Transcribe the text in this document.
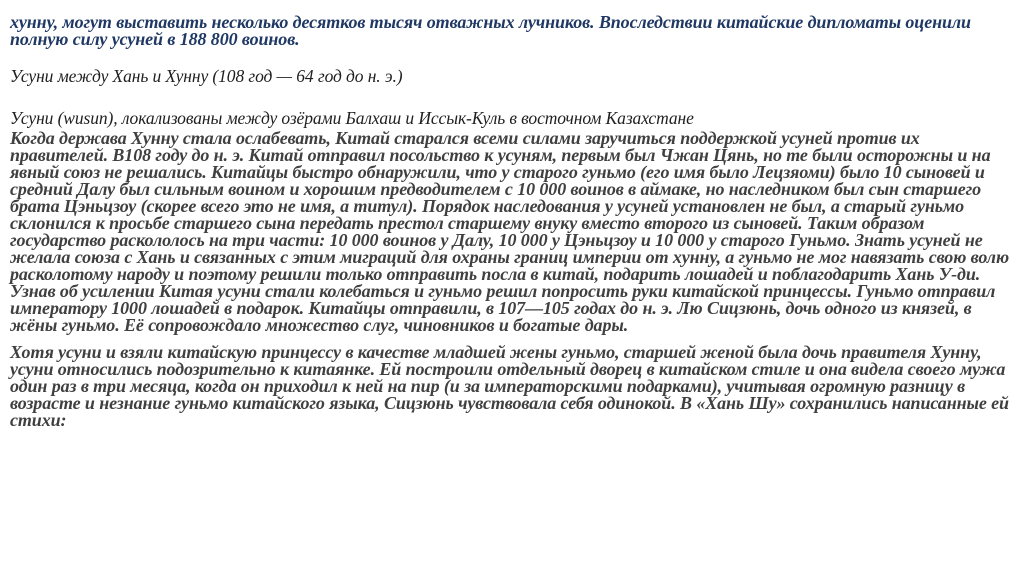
хунну, могут выставить несколько десятков тысяч отважных лучников. Впоследствии китайские дипломаты оценили полную силу усуней в 188 800 воинов.

Усуни между Хань и Хунну (108 год — 64 год до н. э.)

Усуни (wusun), локализованы между озёрами Балхаш и Иссык-Куль в восточном Казахстане

Когда держава Хунну стала ослабевать, Китай старался всеми силами заручиться поддержкой усуней против их правителей. В108 году до н. э. Китай отправил посольство к усуням, первым был Чжан Цянь, но те были осторожны и на явный союз не решались. Китайцы быстро обнаружили, что у старого гуньмо (его имя было Лецзяоми) было 10 сыновей и средний Далу был сильным воином и хорошим предводителем с 10 000 воинов в аймаке, но наследником был сын старшего брата Цэньцзоу (скорее всего это не имя, а титул). Порядок наследования у усуней установлен не был, а старый гуньмо склонился к просьбе старшего сына передать престол старшему внуку вместо второго из сыновей. Таким образом государство раскололось на три части: 10 000 воинов у Далу, 10 000 у Цэньцзоу и 10 000 у старого Гуньмо. Знать усуней не желала союза с Хань и связанных с этим миграций для охраны границ империи от хунну, а гуньмо не мог навязать свою волю расколотому народу и поэтому решили только отправить посла в китай, подарить лошадей и поблагодарить Хань У-ди. Узнав об усилении Китая усуни стали колебаться и гуньмо решил попросить руки китайской принцессы. Гуньмо отправил императору 1000 лошадей в подарок. Китайцы отправили, в 107—105 годах до н. э. Лю Сицзюнь, дочь одного из князей, в жёны гуньмо. Её сопровождало множество слуг, чиновников и богатые дары.

Хотя усуни и взяли китайскую принцессу в качестве младшей жены гуньмо, старшей женой была дочь правителя Хунну, усуни относились подозрительно к китаянке. Ей построили отдельный дворец в китайском стиле и она видела своего мужа один раз в три месяца, когда он приходил к ней на пир (и за императорскими подарками), учитывая огромную разницу в возрасте и незнание гуньмо китайского языка, Сицзюнь чувствовала себя одинокой. В «Хань Шу» сохранились написанные ей стихи:
